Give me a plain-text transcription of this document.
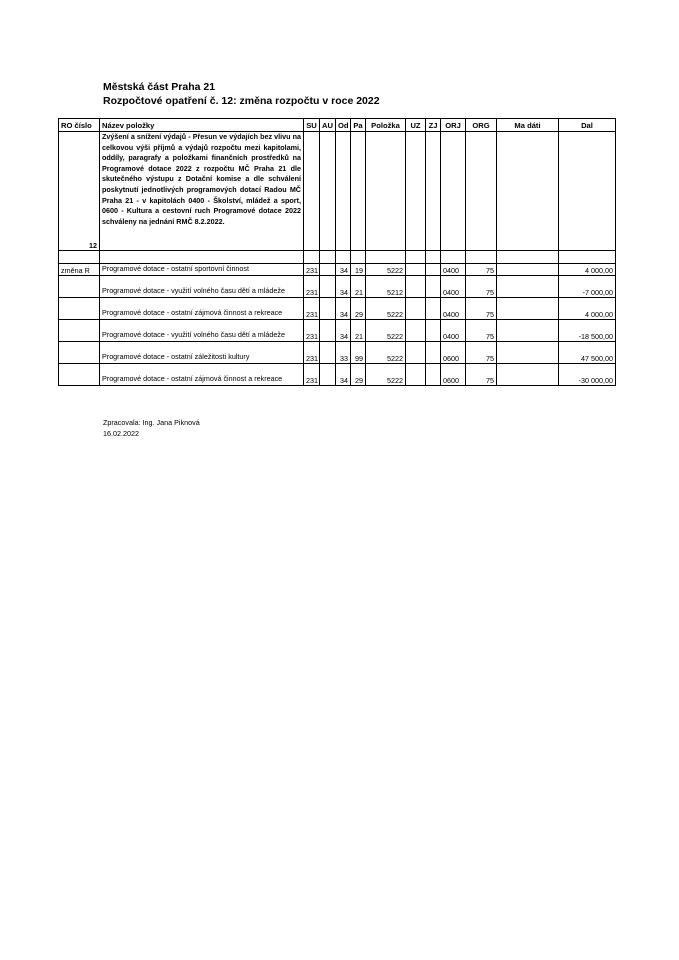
Městská část Praha 21
Rozpočtové opatření č. 12: změna rozpočtu v roce 2022
RO číslo	Název položky	SU	AU	Od	Pa	Položka	UZ	ZJ	ORJ	ORG	Ma dáti	Dal
12	Zvýšení a snížení výdajů - Přesun ve výdajích bez vlivu na celkovou výši příjmů a výdajů rozpočtu mezi kapitolami, oddíly, paragrafy a položkami finančních prostředků na Programové dotace 2022 z rozpočtu MČ Praha 21 dle skutečného výstupu z Dotační komise a dle schválení poskytnutí jednotlivých programových dotací Radou MČ Praha 21 - v kapitolách 0400 - Školství, mládež a sport, 0600 - Kultura a cestovní ruch Programové dotace 2022 schváleny na jednání RMČ 8.2.2022.											

změna R	Programové dotace - ostatní sportovní činnost	231		34	19	5222			0400	75		4 000,00
	Programové dotace - využití volného času dětí a mládeže	231		34	21	5212			0400	75		-7 000,00
	Programové dotace - ostatní zájmová činnost a rekreace	231		34	29	5222			0400	75		4 000,00
	Programové dotace - využití volného času dětí a mládeže	231		34	21	5222			0400	75		-18 500,00
	Programové dotace - ostatní záležitosti kultury	231		33	99	5222			0600	75		47 500,00
	Programové dotace - ostatní zájmová činnost a rekreace	231		34	29	5222			0600	75		-30 000,00
Zpracovala: Ing. Jana Piknová
16.02.2022
